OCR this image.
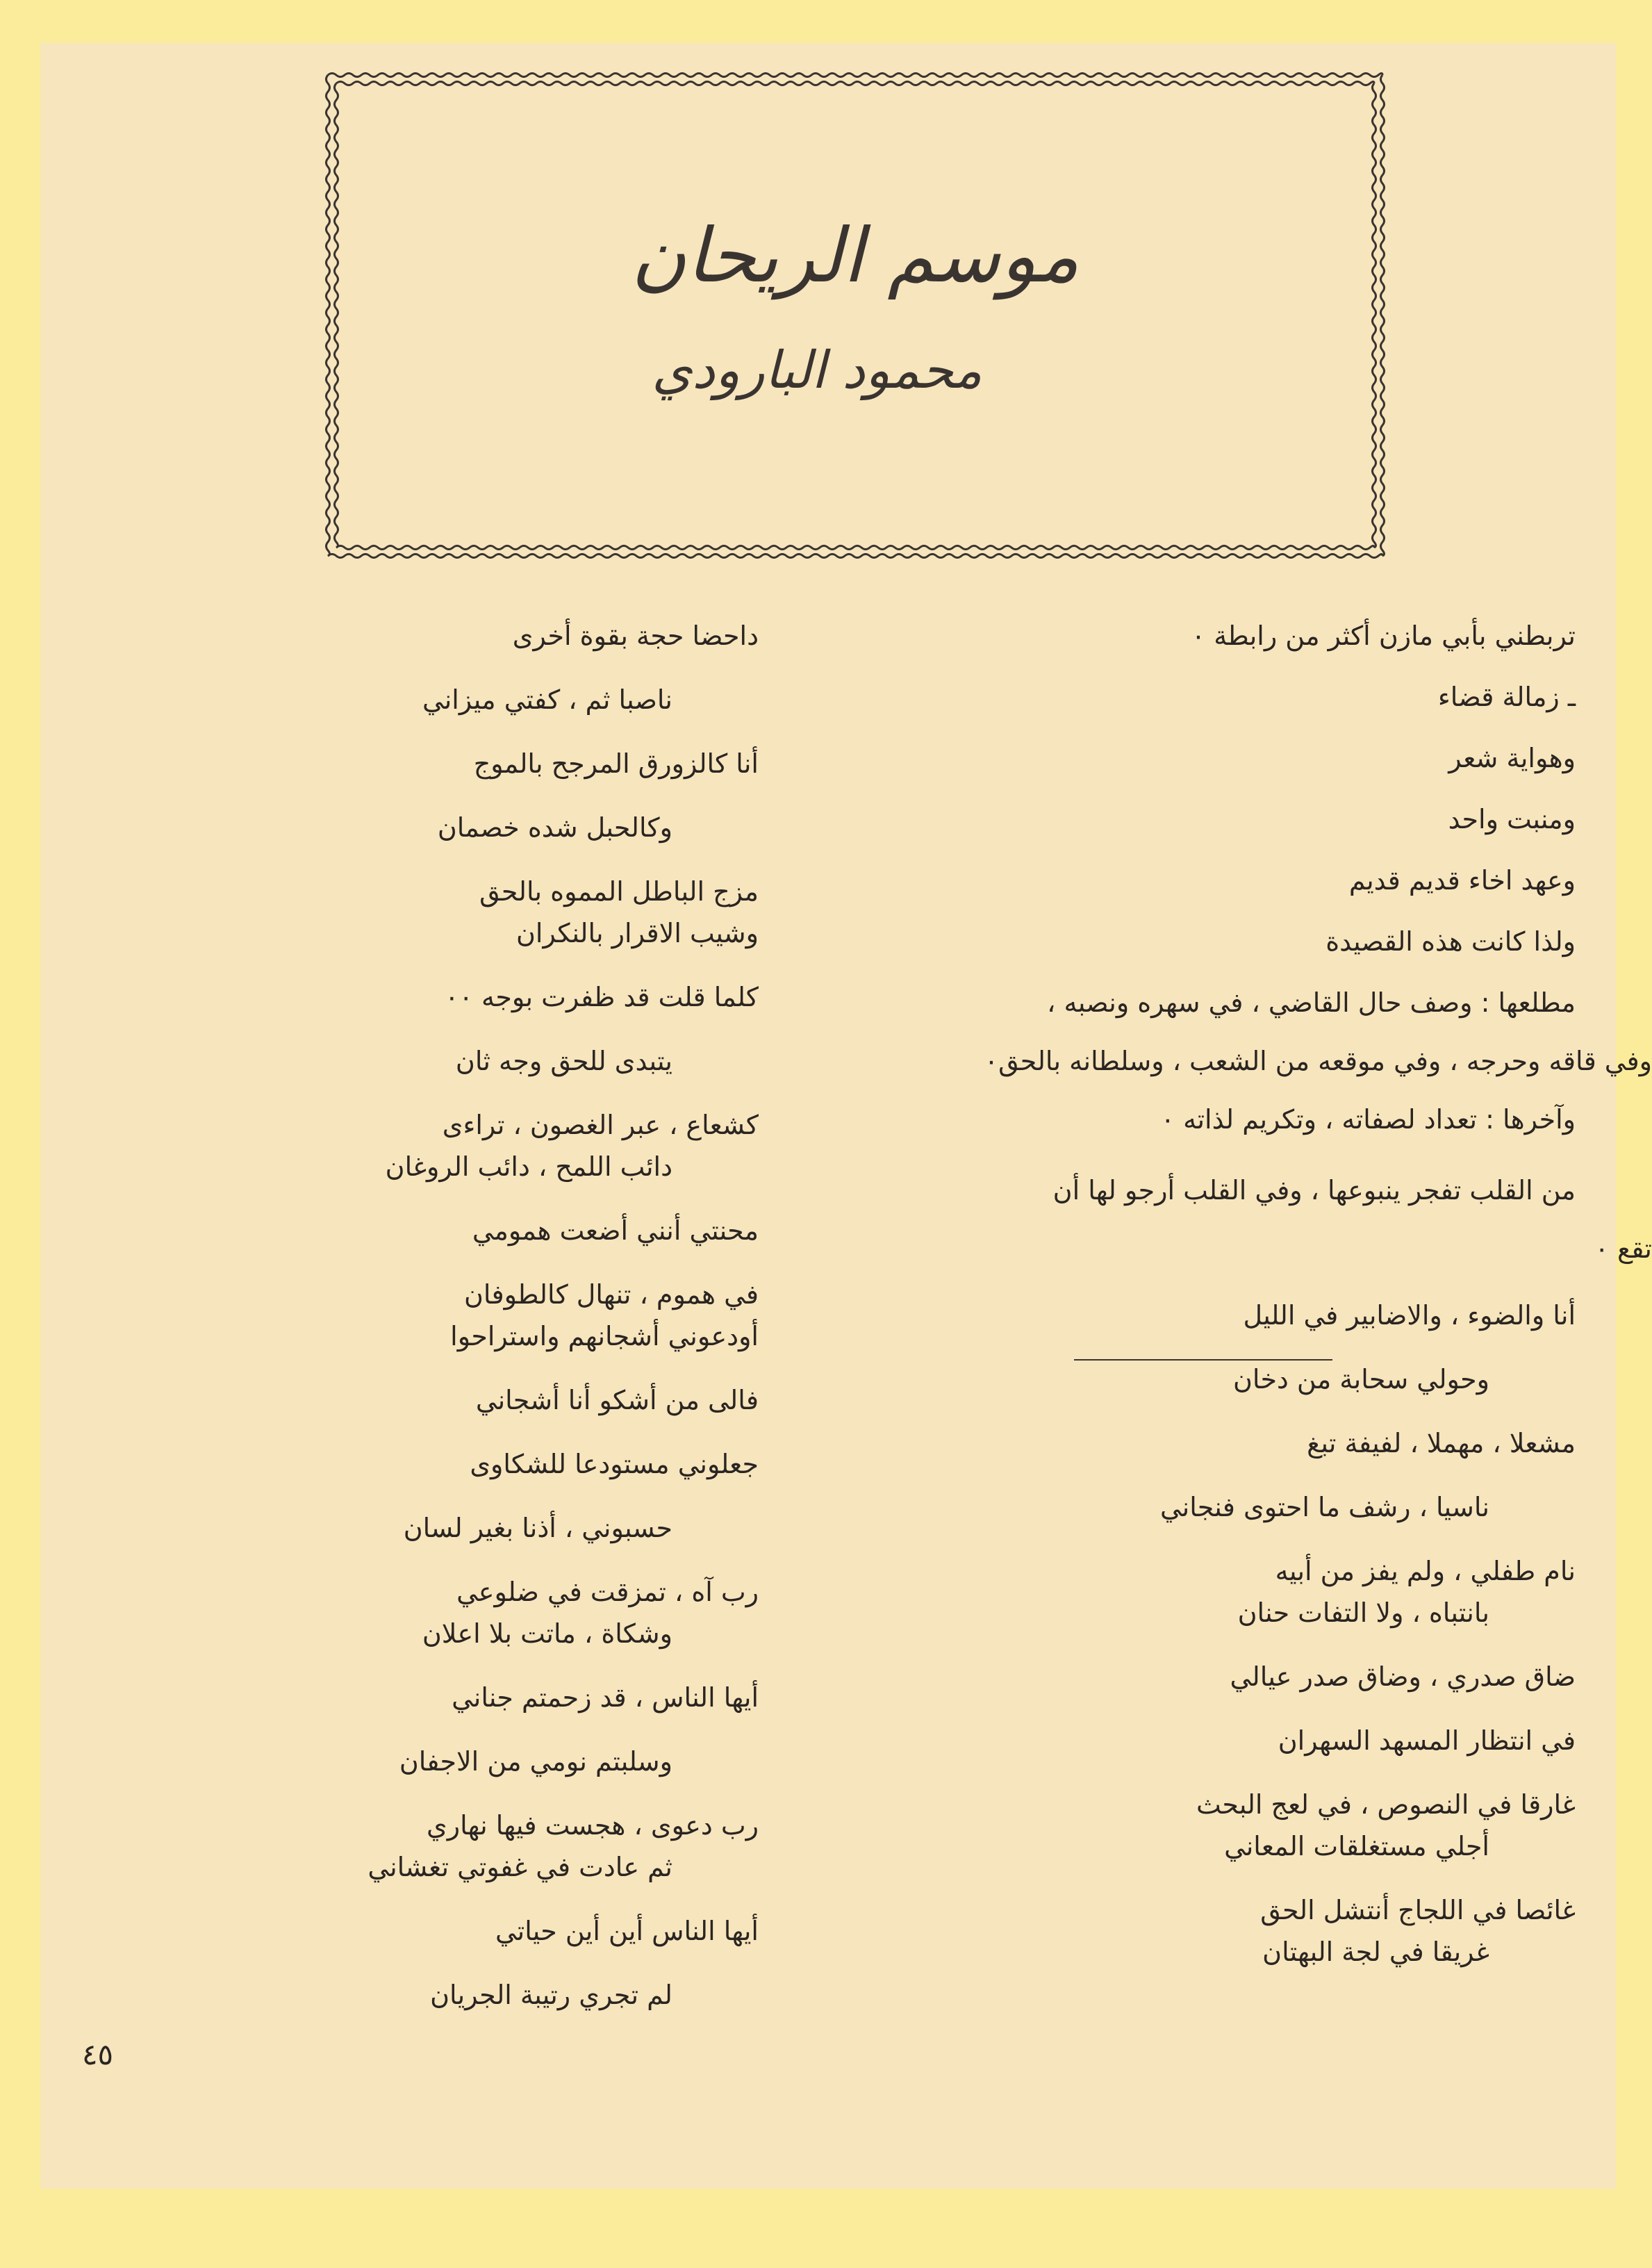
موسم الريحان
محمود البارودي
تربطني بأبي مازن أكثر من رابطة ٠
ـ زمالة قضاء
وهواية شعر
ومنبت واحد
وعهد اخاء قديم قديم
ولذا كانت هذه القصيدة
مطلعها : وصف حال القاضي ، في سهره ونصبه ،
وفي قاقه وحرجه ، وفي موقعه من الشعب ، وسلطانه بالحق٠
وآخرها : تعداد لصفاته ، وتكريم لذاته ٠
من القلب تفجر ينبوعها ، وفي القلب أرجو لها أن
تقع ٠
أنا والضوء ، والاضابير في الليل
وحولي سحابة من دخان
مشعلا ، مهملا ، لفيفة تبغ
ناسيا ، رشف ما احتوى فنجاني
نام طفلي ، ولم يفز من أبيه
بانتباه ، ولا التفات حنان
ضاق صدري ، وضاق صدر عيالي
في انتظار المسهد السهران
غارقا في النصوص ، في لعج البحث
أجلي مستغلقات المعاني
غائصا في اللجاج أنتشل الحق
غريقا في لجة البهتان
داحضا حجة بقوة أخرى
ناصبا ثم ، كفتي ميزاني
أنا كالزورق المرجح بالموج
وكالحبل شده خصمان
مزج الباطل المموه بالحق
وشيب الاقرار بالنكران
كلما قلت قد ظفرت بوجه ٠٠
يتبدى للحق وجه ثان
كشعاع ، عبر الغصون ، تراءى
دائب اللمح ، دائب الروغان
محنتي أنني أضعت همومي
في هموم ، تنهال كالطوفان
أودعوني أشجانهم واستراحوا
فالى من أشكو أنا أشجاني
جعلوني مستودعا للشكاوى
حسبوني ، أذنا بغير لسان
رب آه ، تمزقت في ضلوعي
وشكاة ، ماتت بلا اعلان
أيها الناس ، قد زحمتم جناني
وسلبتم نومي من الاجفان
رب دعوى ، هجست فيها نهاري
ثم عادت في غفوتي تغشاني
أيها الناس أين أين حياتي
لم تجري رتيبة الجريان
٤٥
